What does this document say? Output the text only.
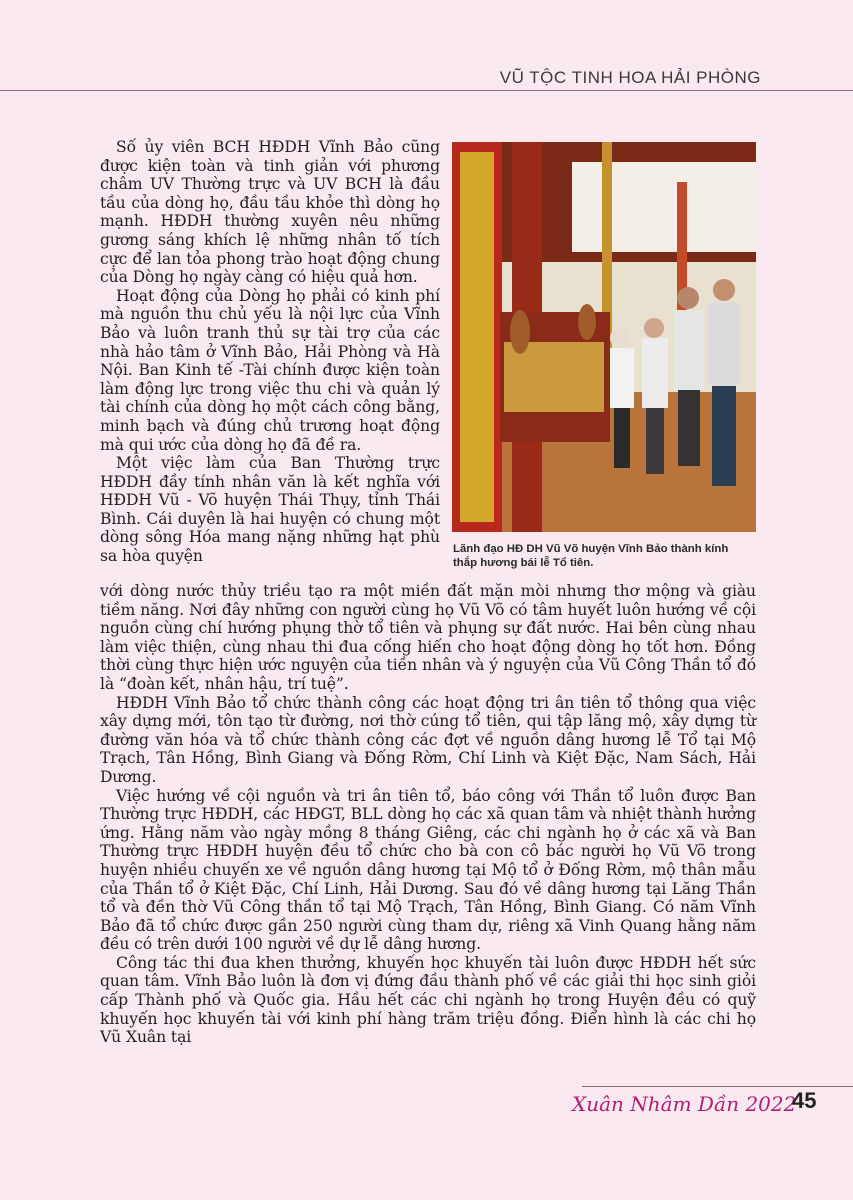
VŨ TỘC TINH HOA HẢI PHÒNG

Số ủy viên BCH HĐDH Vĩnh Bảo cũng được kiện toàn và tinh giản với phương châm UV Thường trực và UV BCH là đầu tầu của dòng họ, đầu tầu khỏe thì dòng họ mạnh. HĐDH thường xuyên nêu những gương sáng khích lệ những nhân tố tích cực để lan tỏa phong trào hoạt động chung của Dòng họ ngày càng có hiệu quả hơn.

Hoạt động của Dòng họ phải có kinh phí mà nguồn thu chủ yếu là nội lực của Vĩnh Bảo và luôn tranh thủ sự tài trợ của các nhà hảo tâm ở Vĩnh Bảo, Hải Phòng và Hà Nội. Ban Kinh tế -Tài chính được kiện toàn làm động lực trong việc thu chi và quản lý tài chính của dòng họ một cách công bằng, minh bạch và đúng chủ trương hoạt động mà qui ước của dòng họ đã đề ra.

Một việc làm của Ban Thường trực HĐDH đầy tính nhân văn là kết nghĩa với HĐDH Vũ - Võ huyện Thái Thụy, tỉnh Thái Bình. Cái duyên là hai huyện có chung một dòng sông Hóa mang nặng những hạt phù sa hòa quyện	Lãnh đạo HĐ DH Vũ Võ huyện Vĩnh Bảo thành kính thắp hương bái lễ Tổ tiên.

với dòng nước thủy triều tạo ra một miền đất mặn mòi nhưng thơ mộng và giàu tiềm năng. Nơi đây những con người cùng họ Vũ Võ có tâm huyết luôn hướng về cội nguồn cùng chí hướng phụng thờ tổ tiên và phụng sự đất nước. Hai bên cùng nhau làm việc thiện, cùng nhau thi đua cống hiến cho hoạt động dòng họ tốt hơn. Đồng thời cùng thực hiện ước nguyện của tiền nhân và ý nguyện của Vũ Công Thần tổ đó là “đoàn kết, nhân hậu, trí tuệ”.

HĐDH Vĩnh Bảo tổ chức thành công các hoạt động tri ân tiên tổ thông qua việc xây dựng mới, tôn tạo từ đường, nơi thờ cúng tổ tiên, qui tập lăng mộ, xây dựng từ đường văn hóa và tổ chức thành công các đợt về nguồn dâng hương lễ Tổ tại Mộ Trạch, Tân Hồng, Bình Giang và Đống Rờm, Chí Linh và Kiệt Đặc, Nam Sách, Hải Dương.

Việc hướng về cội nguồn và tri ân tiên tổ, báo công với Thần tổ luôn được Ban Thường trực HĐDH, các HĐGT, BLL dòng họ các xã quan tâm và nhiệt thành hưởng ứng. Hằng năm vào ngày mồng 8 tháng Giêng, các chi ngành họ ở các xã và Ban Thường trực HĐDH huyện đều tổ chức cho bà con cô bác người họ Vũ Võ trong huyện nhiều chuyến xe về nguồn dâng hương tại Mộ tổ ở Đống Rờm, mộ thân mẫu của Thần tổ ở Kiệt Đặc, Chí Linh, Hải Dương. Sau đó về dâng hương tại Lăng Thần tổ và đền thờ Vũ Công thần tổ tại Mộ Trạch, Tân Hồng, Bình Giang. Có năm Vĩnh Bảo đã tổ chức được gần 250 người cùng tham dự, riêng xã Vinh Quang hằng năm đều có trên dưới 100 người về dự lễ dâng hương.

Công tác thi đua khen thưởng, khuyến học khuyến tài luôn được HĐDH hết sức quan tâm. Vĩnh Bảo luôn là đơn vị đứng đầu thành phố về các giải thi học sinh giỏi cấp Thành phố và Quốc gia. Hầu hết các chi ngành họ trong Huyện đều có quỹ khuyến học khuyến tài với kinh phí hàng trăm triệu đồng. Điển hình là các chi họ Vũ Xuân tại

Xuân Nhâm Dần 2022
45
